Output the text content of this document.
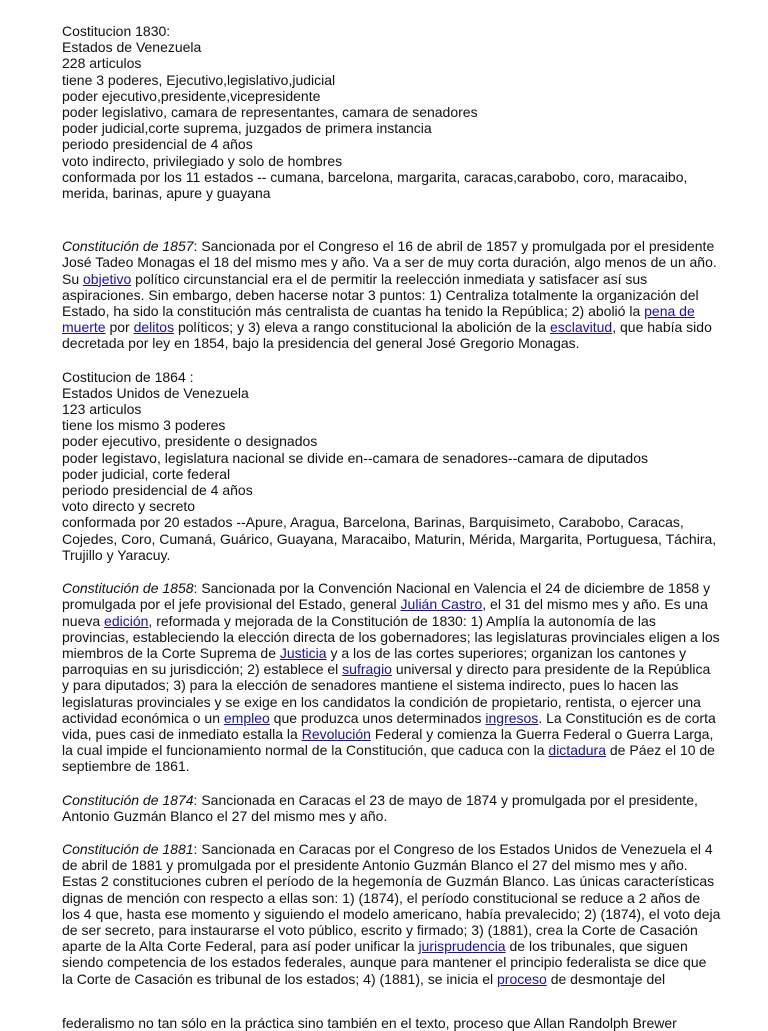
Costitucion 1830:
Estados de Venezuela
228 articulos
tiene 3 poderes, Ejecutivo,legislativo,judicial
poder ejecutivo,presidente,vicepresidente
poder legislativo, camara de representantes, camara de senadores
poder judicial,corte suprema, juzgados de primera instancia
periodo presidencial de 4 años
voto indirecto, privilegiado y solo de hombres
conformada por los 11 estados -- cumana, barcelona, margarita, caracas,carabobo, coro, maracaibo,
merida, barinas, apure y guayana
Constitución de 1857: Sancionada por el Congreso el 16 de abril de 1857 y promulgada por el presidente
José Tadeo Monagas el 18 del mismo mes y año. Va a ser de muy corta duración, algo menos de un año.
Su objetivo político circunstancial era el de permitir la reelección inmediata y satisfacer así sus
aspiraciones. Sin embargo, deben hacerse notar 3 puntos: 1) Centraliza totalmente la organización del
Estado, ha sido la constitución más centralista de cuantas ha tenido la República; 2) abolió la pena de
muerte por delitos políticos; y 3) eleva a rango constitucional la abolición de la esclavitud, que había sido
decretada por ley en 1854, bajo la presidencia del general José Gregorio Monagas.
Costitucion de 1864 :
Estados Unidos de Venezuela
123 articulos
tiene los mismo 3 poderes
poder ejecutivo, presidente o designados
poder legistavo, legislatura nacional se divide en--camara de senadores--camara de diputados
poder judicial, corte federal
periodo presidencial de 4 años
voto directo y secreto
conformada por 20 estados --Apure, Aragua, Barcelona, Barinas, Barquisimeto, Carabobo, Caracas,
Cojedes, Coro, Cumaná, Guárico, Guayana, Maracaibo, Maturin, Mérida, Margarita, Portuguesa, Táchira,
Trujillo y Yaracuy.
Constitución de 1858: Sancionada por la Convención Nacional en Valencia el 24 de diciembre de 1858 y
promulgada por el jefe provisional del Estado, general Julián Castro, el 31 del mismo mes y año. Es una
nueva edición, reformada y mejorada de la Constitución de 1830: 1) Amplía la autonomía de las
provincias, estableciendo la elección directa de los gobernadores; las legislaturas provinciales eligen a los
miembros de la Corte Suprema de Justicia y a los de las cortes superiores; organizan los cantones y
parroquias en su jurisdicción; 2) establece el sufragio universal y directo para presidente de la República
y para diputados; 3) para la elección de senadores mantiene el sistema indirecto, pues lo hacen las
legislaturas provinciales y se exige en los candidatos la condición de propietario, rentista, o ejercer una
actividad económica o un empleo que produzca unos determinados ingresos. La Constitución es de corta
vida, pues casi de inmediato estalla la Revolución Federal y comienza la Guerra Federal o Guerra Larga,
la cual impide el funcionamiento normal de la Constitución, que caduca con la dictadura de Páez el 10 de
septiembre de 1861.
Constitución de 1874: Sancionada en Caracas el 23 de mayo de 1874 y promulgada por el presidente,
Antonio Guzmán Blanco el 27 del mismo mes y año.
Constitución de 1881: Sancionada en Caracas por el Congreso de los Estados Unidos de Venezuela el 4
de abril de 1881 y promulgada por el presidente Antonio Guzmán Blanco el 27 del mismo mes y año.
Estas 2 constituciones cubren el período de la hegemonía de Guzmán Blanco. Las únicas características
dignas de mención con respecto a ellas son: 1) (1874), el período constitucional se reduce a 2 años de
los 4 que, hasta ese momento y siguiendo el modelo americano, había prevalecido; 2) (1874), el voto deja
de ser secreto, para instaurarse el voto público, escrito y firmado; 3) (1881), crea la Corte de Casación
aparte de la Alta Corte Federal, para así poder unificar la jurisprudencia de los tribunales, que siguen
siendo competencia de los estados federales, aunque para mantener el principio federalista se dice que
la Corte de Casación es tribunal de los estados; 4) (1881), se inicia el proceso de desmontaje del
federalismo no tan sólo en la práctica sino también en el texto, proceso que Allan Randolph Brewer
